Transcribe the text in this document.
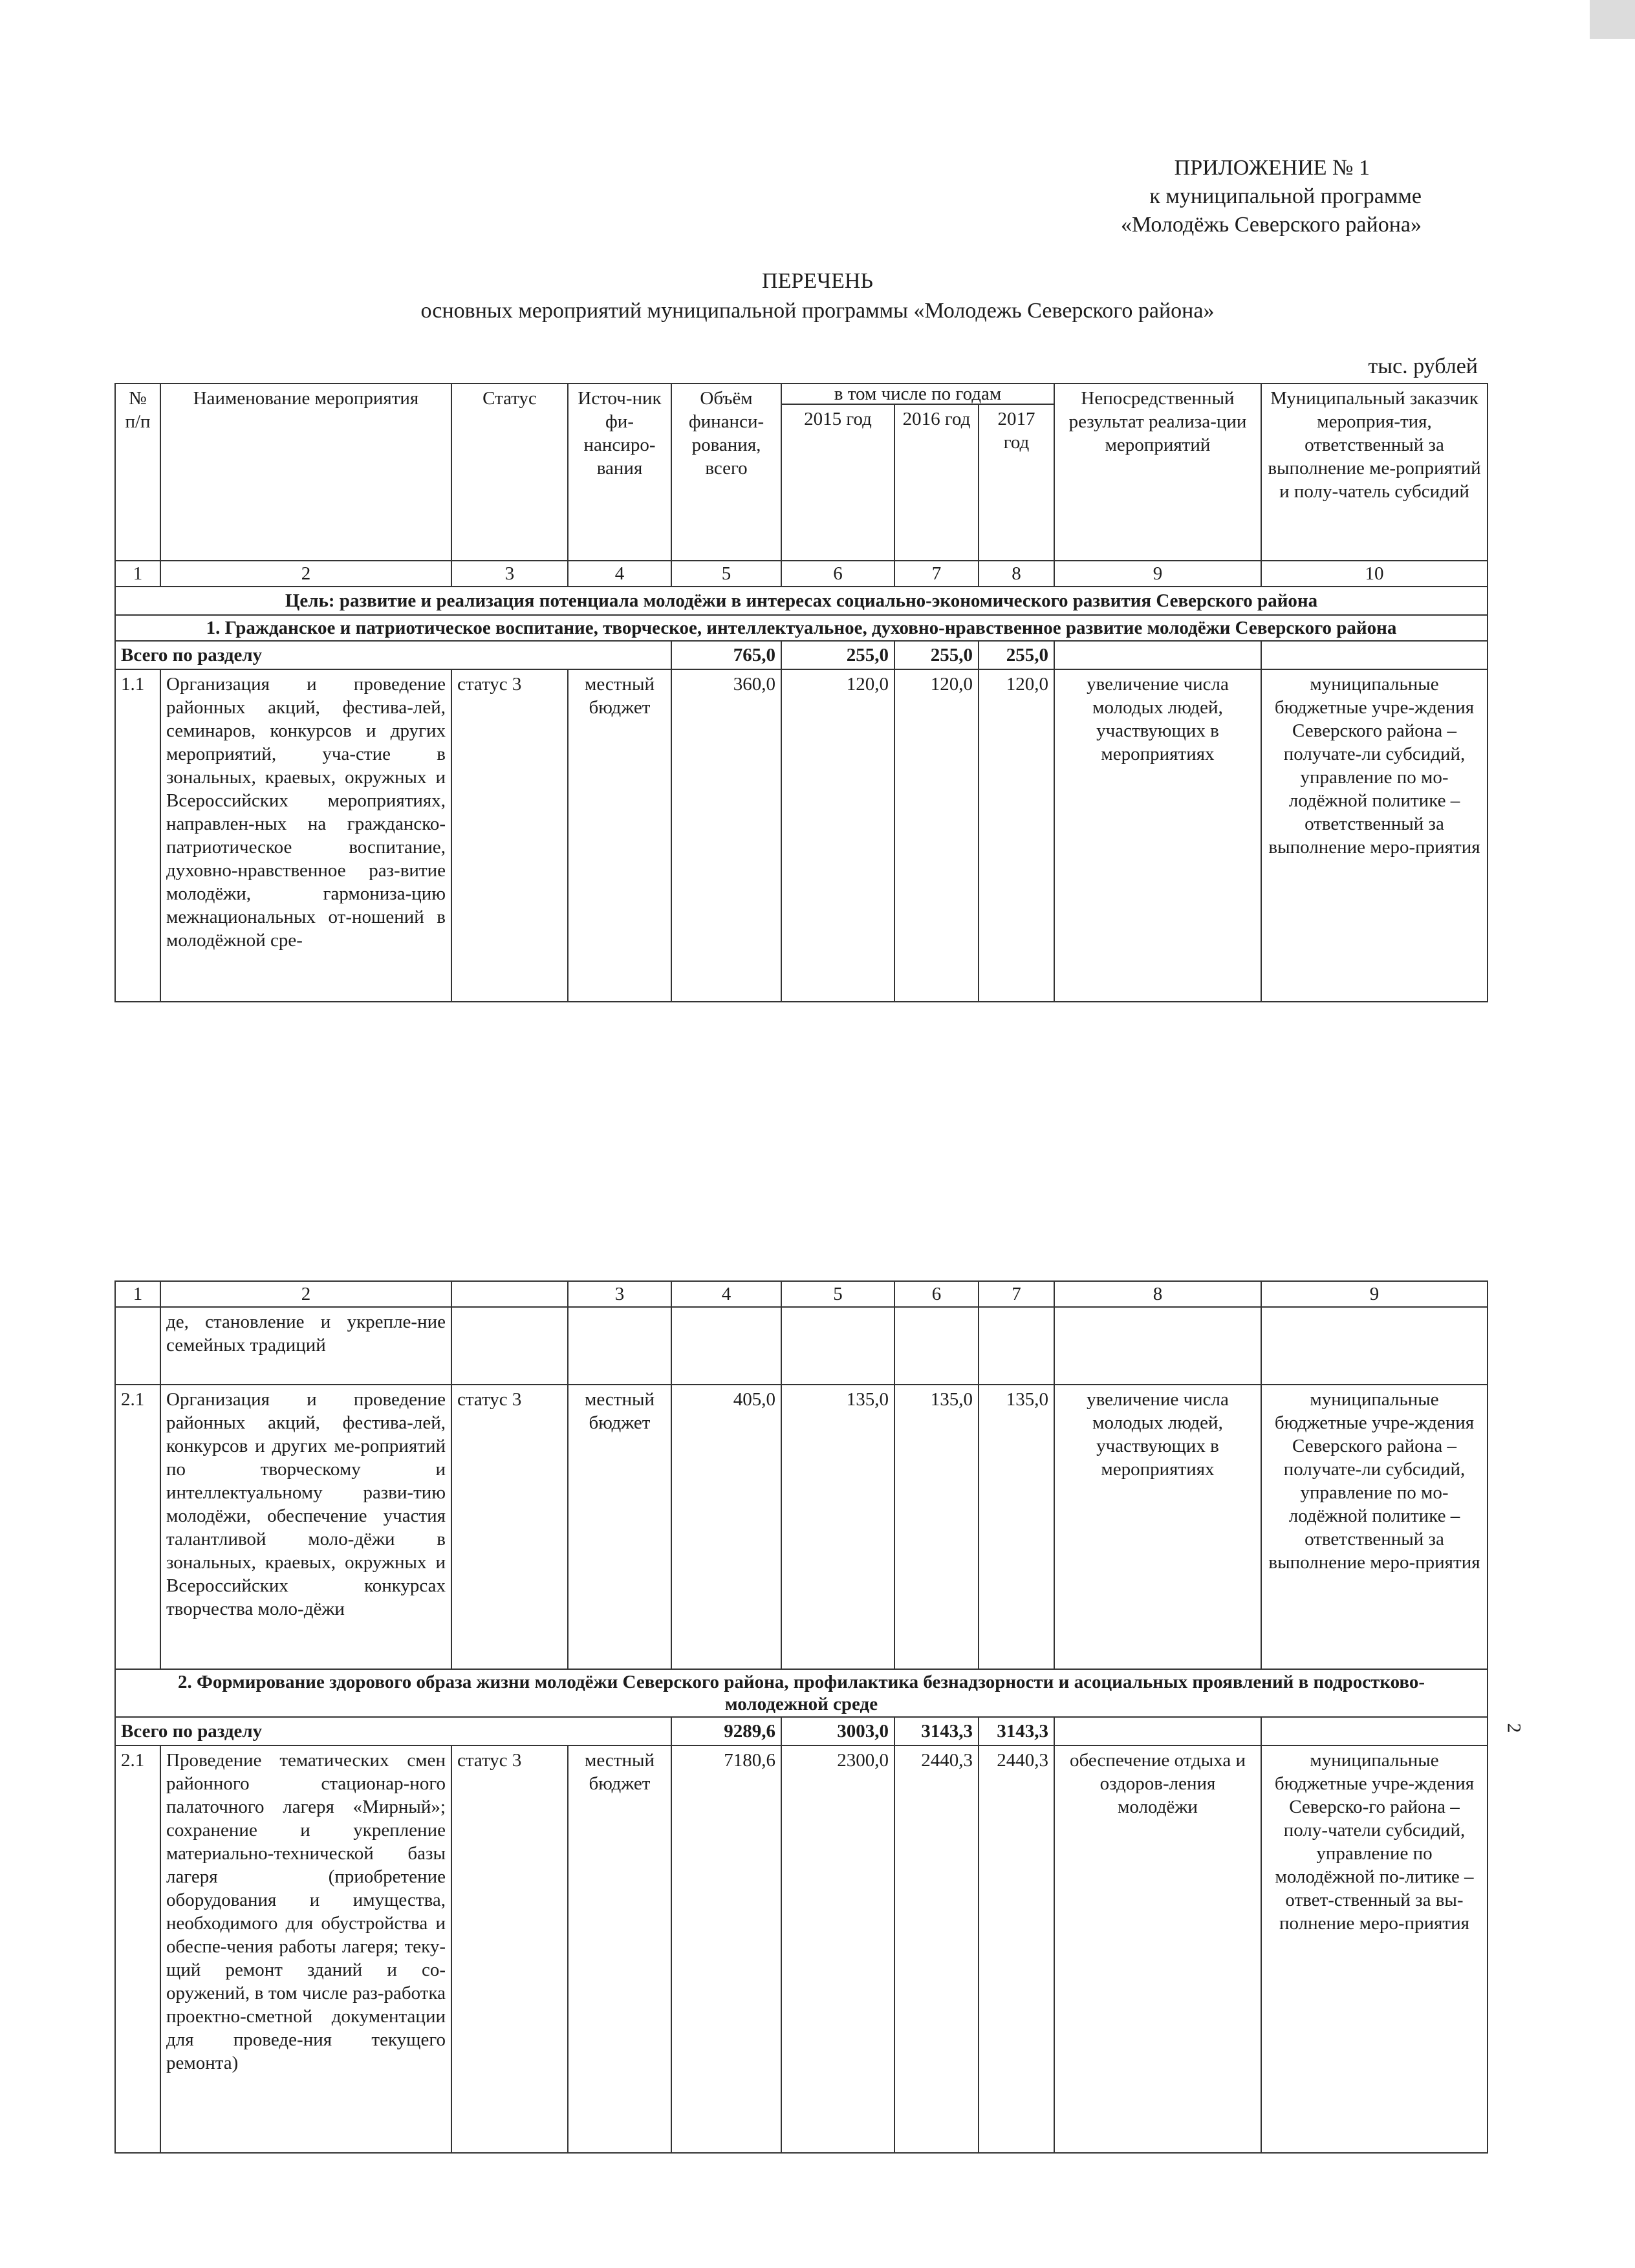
ПРИЛОЖЕНИЕ № 1
к муниципальной программе
«Молодёжь Северского района»
ПЕРЕЧЕНЬ
основных мероприятий муниципальной программы «Молодежь Северского района»
тыс. рублей
№ п/п	Наименование мероприятия	Статус	Источ-ник фи-нансиро-вания	Объём финанси-рования, всего	в том числе по годам			Непосредственный результат реализа-ции мероприятий	Муниципальный заказчик мероприя-тия, ответственный за выполнение ме-роприятий и полу-чатель субсидий
					2015 год	2016 год	2017 год		
1	2	3	4	5	6	7	8	9	10
Цель: развитие и реализация потенциала молодёжи в интересах социально-экономического развития Северского района									
1. Гражданское и патриотическое воспитание, творческое, интеллектуальное, духовно-нравственное развитие молодёжи Северского района									
Всего по разделу				765,0	255,0	255,0	255,0		
1.1	Организация и проведение районных акций, фестива-лей, семинаров, конкурсов и других мероприятий, уча-стие в зональных, краевых, окружных и Всероссийских мероприятиях, направлен-ных на гражданско-патриотическое воспитание, духовно-нравственное раз-витие молодёжи, гармониза-цию межнациональных от-ношений в молодёжной сре-	статус 3	местный бюджет	360,0	120,0	120,0	120,0	увеличение числа молодых людей, участвующих в мероприятиях	муниципальные бюджетные учре-ждения Северского района – получате-ли субсидий, управление по мо-лодёжной политике – ответственный за выполнение меро-приятия
1	2		3	4	5	6	7	8	9
	де, становление и укрепле-ние семейных традиций								
2.1	Организация и проведение районных акций, фестива-лей, конкурсов и других ме-роприятий по творческому и интеллектуальному разви-тию молодёжи, обеспечение участия талантливой моло-дёжи в зональных, краевых, окружных и Всероссийских конкурсах творчества моло-дёжи	статус 3	местный бюджет	405,0	135,0	135,0	135,0	увеличение числа молодых людей, участвующих в мероприятиях	муниципальные бюджетные учре-ждения Северского района – получате-ли субсидий, управление по мо-лодёжной политике – ответственный за выполнение меро-приятия
2. Формирование здорового образа жизни молодёжи Северского района, профилактика безнадзорности и асоциальных проявлений в подростково-молодежной среде									
Всего по разделу				9289,6	3003,0	3143,3	3143,3		
2.1	Проведение тематических смен районного стационар-ного палаточного лагеря «Мирный»; сохранение и укрепление материально-технической базы лагеря (приобретение оборудования и имущества, необходимого для обустройства и обеспе-чения работы лагеря; теку-щий ремонт зданий и со-оружений, в том числе раз-работка проектно-сметной документации для проведе-ния текущего ремонта)	статус 3	местный бюджет	7180,6	2300,0	2440,3	2440,3	обеспечение отдыха и оздоров-ления молодёжи	муниципальные бюджетные учре-ждения Северско-го района – полу-чатели субсидий, управление по молодёжной по-литике – ответ-ственный за вы-полнение меро-приятия
2
